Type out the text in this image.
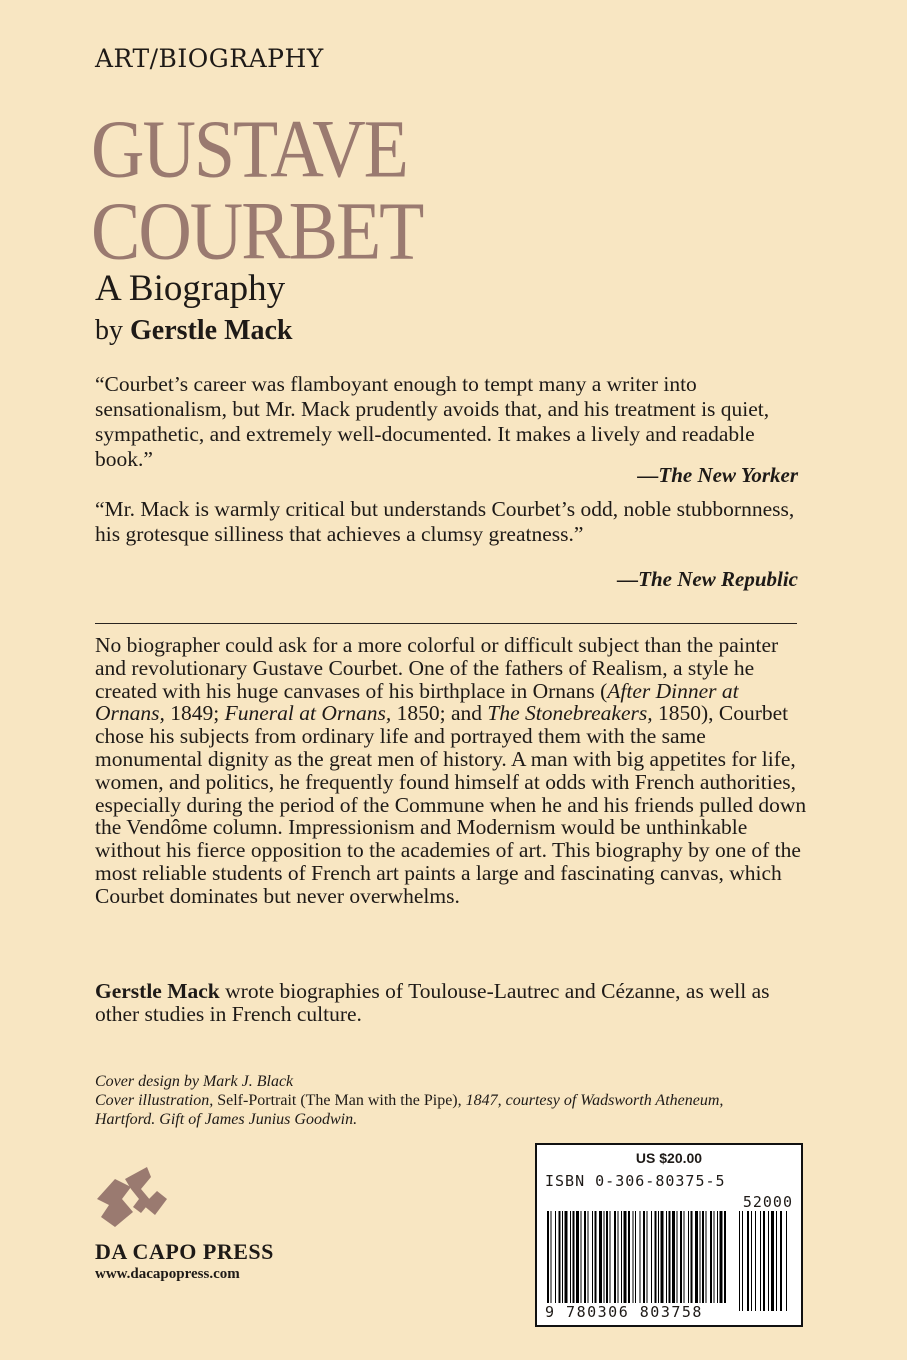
ART/BIOGRAPHY
GUSTAVE
COURBET
A Biography
by Gerstle Mack
“Courbet’s career was flamboyant enough to tempt many a writer into sensationalism, but Mr. Mack prudently avoids that, and his treatment is quiet, sympathetic, and extremely well-documented. It makes a lively and readable book.”
—The New Yorker
“Mr. Mack is warmly critical but understands Courbet’s odd, noble stubbornness, his grotesque silliness that achieves a clumsy greatness.”
—The New Republic
No biographer could ask for a more colorful or difficult subject than the painter and revolutionary Gustave Courbet. One of the fathers of Realism, a style he created with his huge canvases of his birthplace in Ornans (After Dinner at Ornans, 1849; Funeral at Ornans, 1850; and The Stonebreakers, 1850), Courbet chose his subjects from ordinary life and portrayed them with the same monumental dignity as the great men of history. A man with big appetites for life, women, and politics, he frequently found himself at odds with French authorities, especially during the period of the Commune when he and his friends pulled down the Vendôme column. Impressionism and Modernism would be unthinkable without his fierce opposition to the academies of art. This biography by one of the most reliable students of French art paints a large and fascinating canvas, which Courbet dominates but never overwhelms.
Gerstle Mack wrote biographies of Toulouse-Lautrec and Cézanne, as well as other studies in French culture.
Cover design by Mark J. Black
Cover illustration, Self-Portrait (The Man with the Pipe), 1847, courtesy of Wadsworth Atheneum, Hartford. Gift of James Junius Goodwin.
DA CAPO PRESS
www.dacapopress.com
US $20.00
ISBN 0-306-80375-5
52000
9 780306 803758
